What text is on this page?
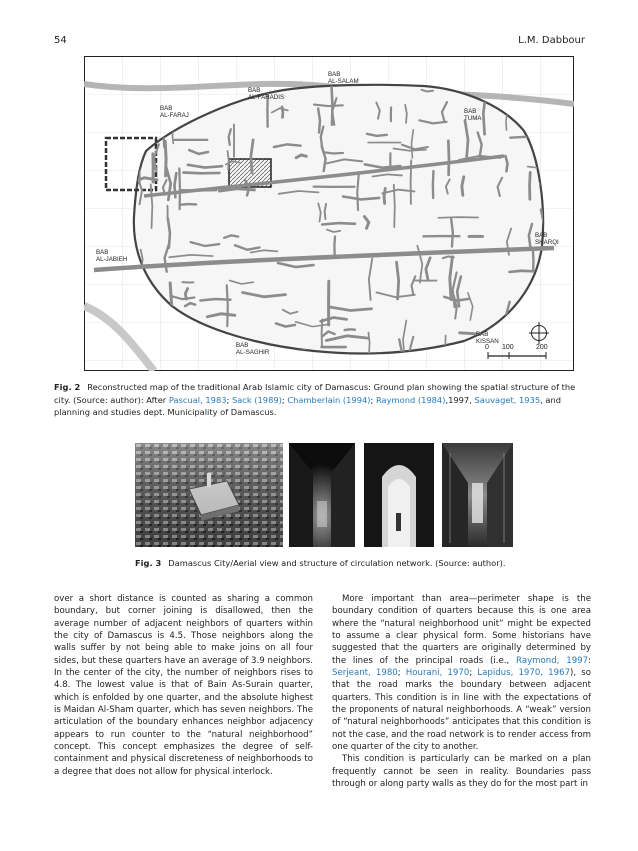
54	L.M. Dabbour
BAB AL-SALAM
BAB AL-FARADIS
BAB AL-FARAJ
BAB TUMA
BAB SHARQI
BAB AL-JABIEH
BAB KISSAN
BAB AL-SAGHIR
0 100	200
Fig. 2 Reconstructed map of the traditional Arab Islamic city of Damascus: Ground plan showing the spatial structure of the city. (Source: author): After Pascual, 1983; Sack (1989); Chamberlain (1994); Raymond (1984),1997, Sauvaget, 1935, and planning and studies dept. Municipality of Damascus.
Fig. 3 Damascus City/Aerial view and structure of circulation network. (Source: author).

over a short distance is counted as sharing a common boundary, but corner joining is disallowed, then the average number of adjacent neighbors of quarters within the city of Damascus is 4.5. Those neighbors along the walls suffer by not being able to make joins on all four sides, but these quarters have an average of 3.9 neighbors. In the center of the city, the number of neighbors rises to 4.8. The lowest value is that of Bain As-Surain quarter, which is enfolded by one quarter, and the absolute highest is Maidan Al-Sham quarter, which has seven neighbors. The articulation of the boundary enhances neighbor adjacency appears to run counter to the “natural neighborhood” concept. This concept emphasizes the degree of self-containment and physical discreteness of neighborhoods to a degree that does not allow for physical interlock.

More important than area—perimeter shape is the boundary condition of quarters because this is one area where the “natural neighborhood unit” might be expected to assume a clear physical form. Some historians have suggested that the quarters are originally determined by the lines of the principal roads (i.e., Raymond, 1997: Serjeant, 1980; Hourani, 1970; Lapidus, 1970, 1967), so that the road marks the boundary between adjacent quarters. This condition is in line with the expectations of the proponents of natural neighborhoods. A “weak” version of “natural neighborhoods” anticipates that this condition is not the case, and the road network is to render access from one quarter of the city to another.

This condition is particularly can be marked on a plan frequently cannot be seen in reality. Boundaries pass through or along party walls as they do for the most part in
